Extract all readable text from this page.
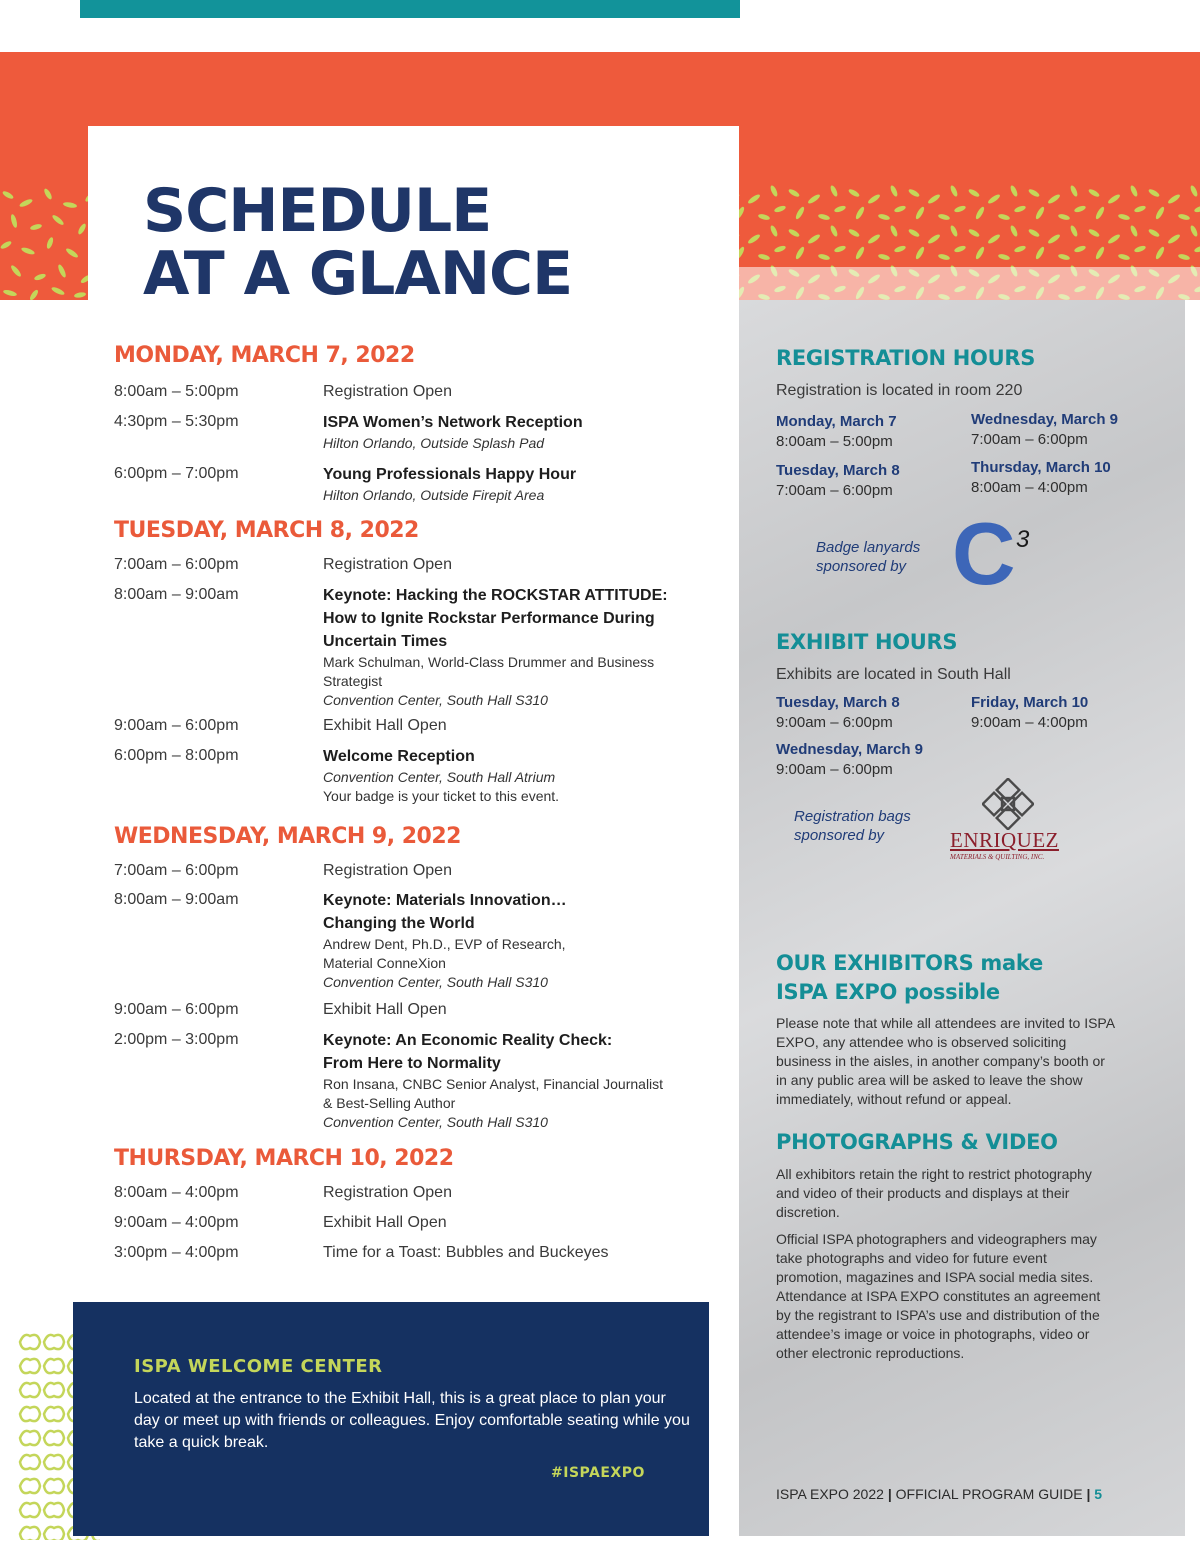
SCHEDULE
AT A GLANCE
MONDAY, MARCH 7, 2022
8:00am – 5:00pm	Registration Open
4:30pm – 5:30pm	ISPA Women’s Network Reception
Hilton Orlando, Outside Splash Pad
6:00pm – 7:00pm	Young Professionals Happy Hour
Hilton Orlando, Outside Firepit Area
TUESDAY, MARCH 8, 2022
7:00am – 6:00pm	Registration Open
8:00am – 9:00am	Keynote: Hacking the ROCKSTAR ATTITUDE:
How to Ignite Rockstar Performance During
Uncertain Times
Mark Schulman, World-Class Drummer and Business
Strategist
Convention Center, South Hall S310
9:00am – 6:00pm	Exhibit Hall Open
6:00pm – 8:00pm	Welcome Reception
Convention Center, South Hall Atrium
Your badge is your ticket to this event.
WEDNESDAY, MARCH 9, 2022
7:00am – 6:00pm	Registration Open
8:00am – 9:00am	Keynote: Materials Innovation…
Changing the World
Andrew Dent, Ph.D., EVP of Research,
Material ConneXion
Convention Center, South Hall S310
9:00am – 6:00pm	Exhibit Hall Open
2:00pm – 3:00pm	Keynote: An Economic Reality Check:
From Here to Normality
Ron Insana, CNBC Senior Analyst, Financial Journalist
& Best-Selling Author
Convention Center, South Hall S310
THURSDAY, MARCH 10, 2022
8:00am – 4:00pm	Registration Open
9:00am – 4:00pm	Exhibit Hall Open
3:00pm – 4:00pm	Time for a Toast: Bubbles and Buckeyes
ISPA WELCOME CENTER
Located at the entrance to the Exhibit Hall, this is a great place to plan your day or meet up with friends or colleagues. Enjoy comfortable seating while you take a quick break.
#ISPAEXPO
REGISTRATION HOURS
Registration is located in room 220
Monday, March 7
8:00am – 5:00pm
Tuesday, March 8
7:00am – 6:00pm
Wednesday, March 9
7:00am – 6:00pm
Thursday, March 10
8:00am – 4:00pm
Badge lanyards
sponsored by C 3
EXHIBIT HOURS
Exhibits are located in South Hall
Tuesday, March 8
9:00am – 6:00pm
Wednesday, March 9
9:00am – 6:00pm
Friday, March 10
9:00am – 4:00pm
Registration bags
sponsored by	ENRIQUEZ
MATERIALS & QUILTING, INC.
OUR EXHIBITORS make
ISPA EXPO possible
Please note that while all attendees are invited to ISPA EXPO, any attendee who is observed soliciting business in the aisles, in another company’s booth or in any public area will be asked to leave the show immediately, without refund or appeal.
PHOTOGRAPHS & VIDEO
All exhibitors retain the right to restrict photography and video of their products and displays at their discretion.
Official ISPA photographers and videographers may take photographs and video for future event promotion, magazines and ISPA social media sites. Attendance at ISPA EXPO constitutes an agreement by the registrant to ISPA’s use and distribution of the attendee’s image or voice in photographs, video or other electronic reproductions.
ISPA EXPO 2022 | OFFICIAL PROGRAM GUIDE | 5
